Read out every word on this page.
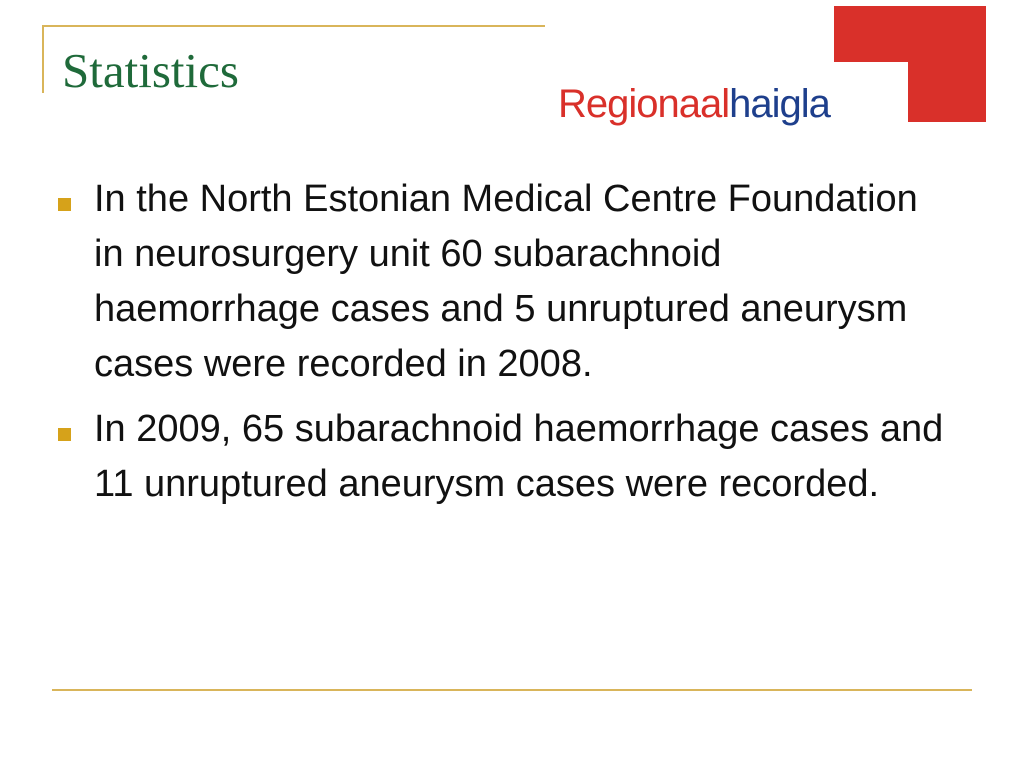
Statistics
Regionaalhaigla
In the North Estonian Medical Centre Foundation in neurosurgery unit 60 subarachnoid haemorrhage cases and 5 unruptured aneurysm cases were recorded in 2008.
In 2009, 65 subarachnoid haemorrhage cases and 11 unruptured aneurysm cases were recorded.
